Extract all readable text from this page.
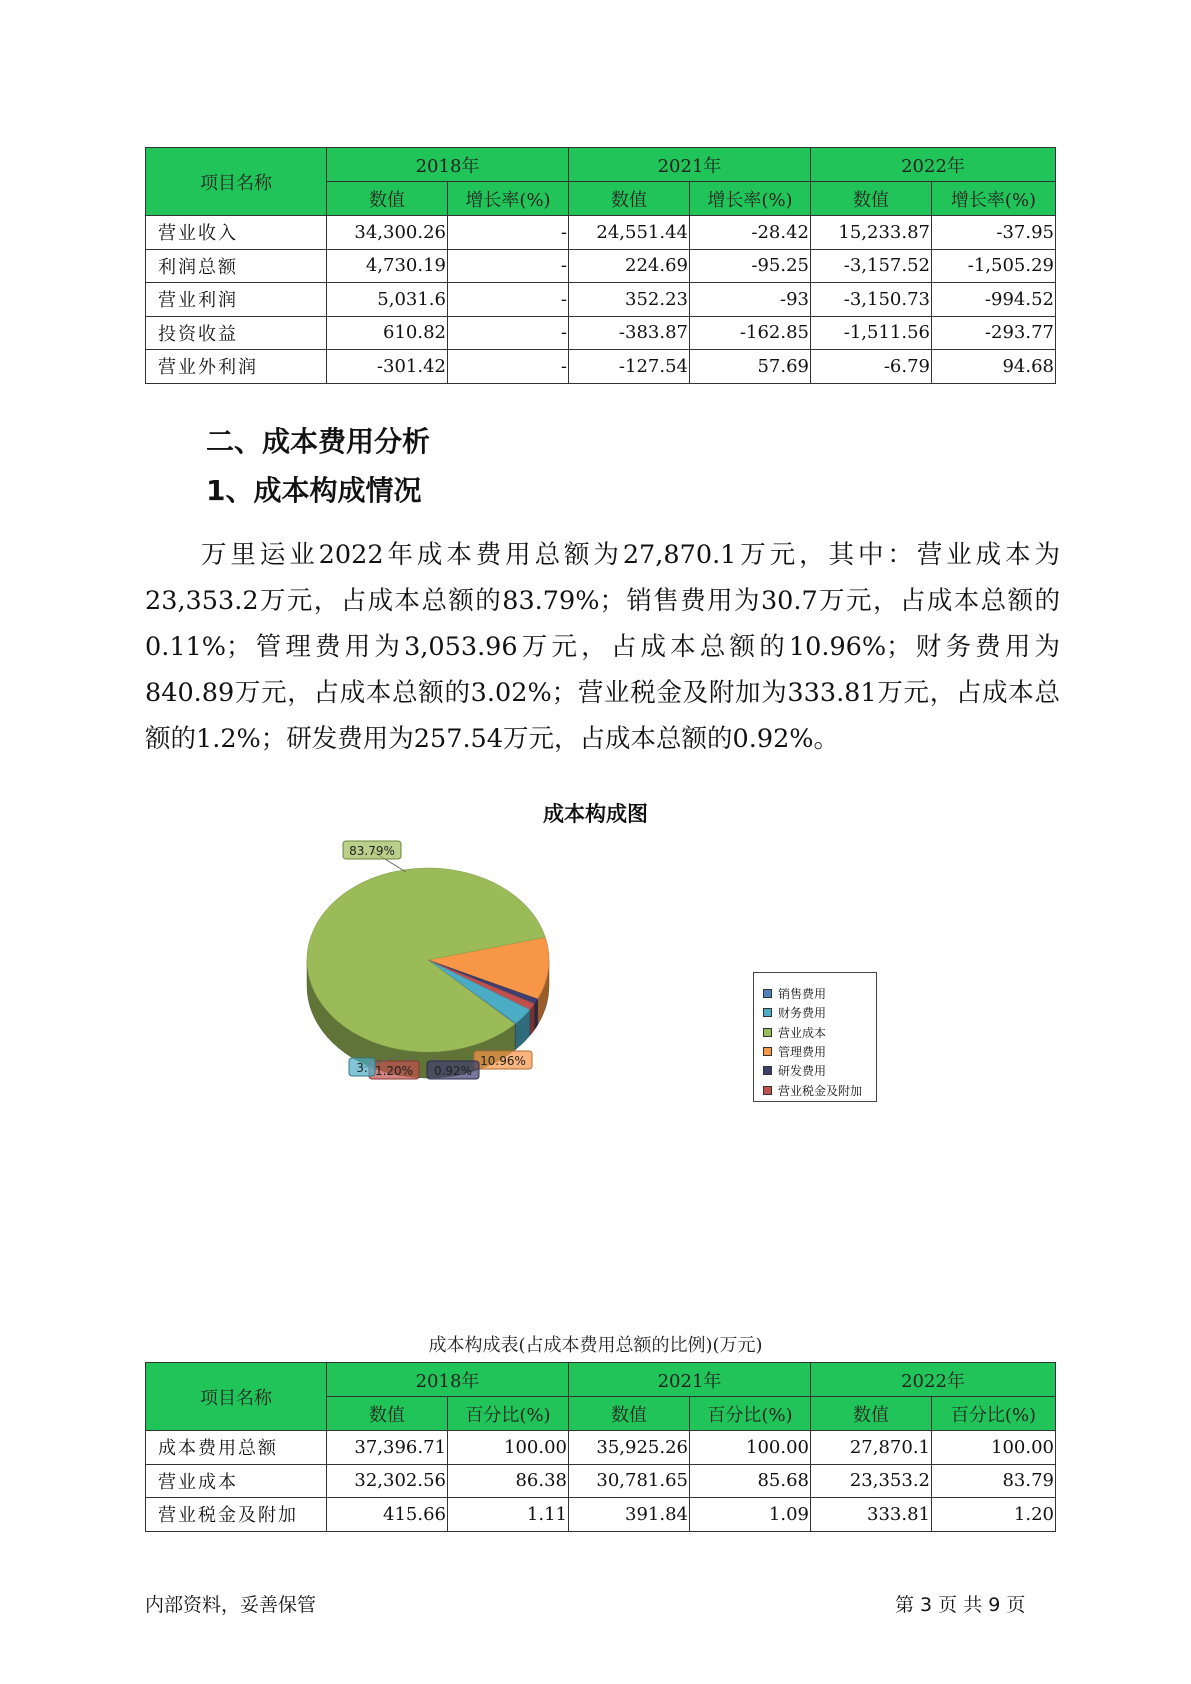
项目名称	2018年		2021年		2022年	
	数值	增长率(%)	数值	增长率(%)	数值	增长率(%)
营业收入	34,300.26	-	24,551.44	-28.42	15,233.87	-37.95
利润总额	4,730.19	-	224.69	-95.25	-3,157.52	-1,505.29
营业利润	5,031.6	-	352.23	-93	-3,150.73	-994.52
投资收益	610.82	-	-383.87	-162.85	-1,511.56	-293.77
营业外利润	-301.42	-	-127.54	57.69	-6.79	94.68
二、成本费用分析
1、成本构成情况

万里运业2022年成本费用总额为27,870.1万元，其中：营业成本为23,353.2万元，占成本总额的83.79%；销售费用为30.7万元，占成本总额的0.11%；管理费用为3,053.96万元，占成本总额的10.96%；财务费用为840.89万元，占成本总额的3.02%；营业税金及附加为333.81万元，占成本总额的1.2%；研发费用为257.54万元，占成本总额的0.92%。

成本构成图
83.79%
10.96%
0.92%
1.20%
3.
销售费用
财务费用
营业成本
管理费用
研发费用
营业税金及附加
成本构成表(占成本费用总额的比例)(万元)
项目名称	2018年		2021年		2022年	
	数值	百分比(%)	数值	百分比(%)	数值	百分比(%)
成本费用总额	37,396.71	100.00	35,925.26	100.00	27,870.1	100.00
营业成本	32,302.56	86.38	30,781.65	85.68	23,353.2	83.79
营业税金及附加	415.66	1.11	391.84	1.09	333.81	1.20
内部资料，妥善保管	第 3 页 共 9 页
